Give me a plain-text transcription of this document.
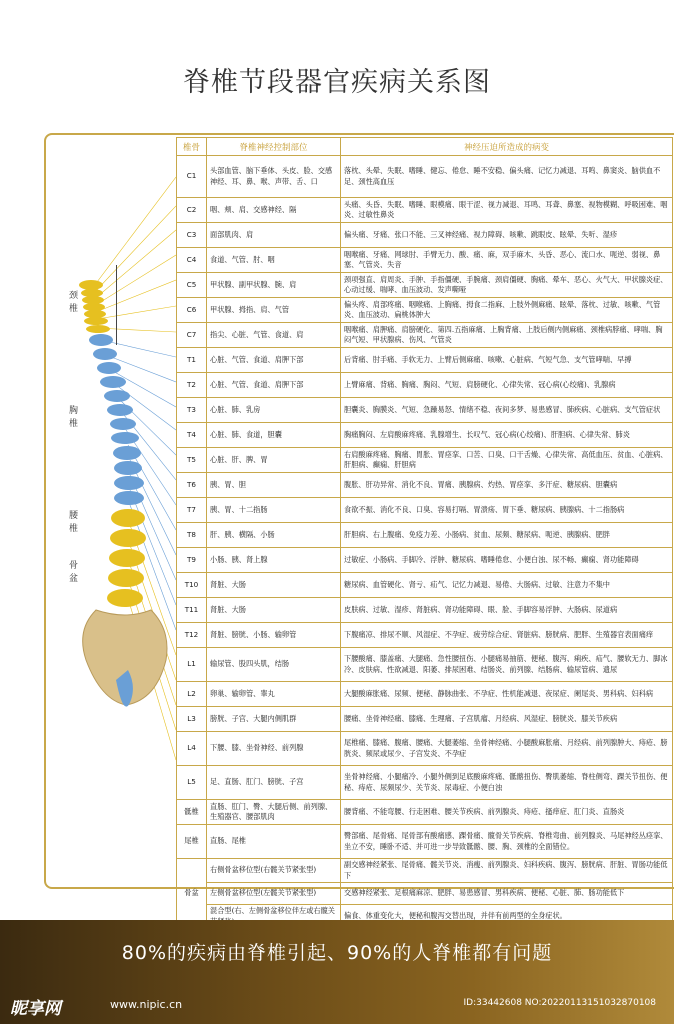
脊椎节段器官疾病关系图
颈椎
胸椎
腰椎
骨盆
椎骨	脊椎神经控制部位	神经压迫所造成的病变
C1	头部血管、脑下垂体、头皮、脸、交感神经、耳、鼻、喉、声带、舌、口	落枕、头晕、失眠、嗜睡、健忘、倦怠、睡不安稳、偏头痛、记忆力减退、耳鸣、鼻窦炎、脑供血不足、颈性高血压
C2	咽、颊、肩、交感神经、隔	头痛、头昏、失眠、嗜睡、眼模痛、眼干涩、视力减退、耳鸣、耳聋、鼻塞、视物模糊、呼吸困难、咽炎、过敏性鼻炎
C3	面部肌肉、肩	偏头痛、牙痛、张口不能、三叉神经痛、视力障碍、咳嗽、跳眼皮、眩晕、失听、湿疹
C4	食道、气管、肘、咽	咽喉痛、牙痛、网球肘、手臂无力、酸、痛、麻，双手麻木、头昏、恶心、流口水、呃逆、弱视、鼻塞、气管炎、失音
C5	甲状腺、副甲状腺、腕、肩	颈项强直、肩周炎、手肿、手指僵硬、手腕痛、颈肩僵硬、胸痛、晕车、恶心、火气大、甲状腺炎症、心动过缓、喘哮、血压波动、发声嘶哑
C6	甲状腺、拇指、肩、气管	偏头疼、肩部疼痛、咽喉痛、上胸痛、拇食二指麻、上肢外侧麻痛、眩晕、落枕、过敏、咳嗽、气管炎、血压波动、扁桃体肿大
C7	指尖、心脏、气管、食道、肩	咽喉痛、肩胛痛、肩膀硬化、第四.五指麻痛、上胸背痛、上肢后侧内侧麻痛、颈椎病脖痛、哮喘、胸闷气短、甲状腺病、伤风、气管炎
T1	心脏、气管、食道、肩胛下部	后背痛、肘手痛、手软无力、上臂后侧麻痛、咳嗽、心脏病、气短气急、支气管哮喘、早搏
T2	心脏、气管、食道、肩胛下部	上臂麻痛、背痛、胸痛、胸闷、气短、肩膀硬化、心律失常、冠心病(心绞痛)、乳腺病
T3	心脏、肺、乳房	胆囊炎、胸膜炎、气短、急躁易怒、情绪不稳、夜间多梦、易患感冒、肺疾病、心脏病、支气管症状
T4	心脏、肺、食道，胆囊	胸痛胸闷、左肩酸麻疼痛、乳腺增生、长叹气、冠心病(心绞痛)、肝胆病、心律失常、肺炎
T5	心脏、肝、脾、胃	右肩酸麻疼痛、胸痛、胃胀、胃痉挛、口苦、口臭、口干舌燥、心律失常、高低血压、贫血、心脏病、肝胆病、癫痫、肝胆病
T6	胰、胃、胆	腹胀、肝功异常、消化不良、胃痛、胰腺病、灼热、胃痉挛、多汗症、糖尿病、胆囊病
T7	胰、胃、十二指肠	食欲不振、消化不良、口臭、容易打嗝、胃溃疡、胃下垂、糖尿病、胰腺病、十二指肠病
T8	肝、胰、横隔、小肠	肝胆病、右上腹痛、免疫力差、小肠病、贫血、尿频、糖尿病、呃逆、胰腺病、肥胖
T9	小肠、胰、肾上腺	过敏症、小肠病、手脚冷、浮肿、糖尿病、嗜睡倦怠、小便白浊、尿不畅、癫痫、肾功能障碍
T10	肾脏、大肠	糖尿病、血管硬化、肾亏、疝气、记忆力减退、易倦、大肠病、过敏、注意力不集中
T11	肾脏、大肠	皮肤病、过敏、湿疹、肾脏病、肾功能障碍、眼、脸、手脚容易浮肿、大肠病、尿道病
T12	肾脏、膀胱、小肠、输卵管	下腹痛凉、排尿不顺、风湿症、不孕症、疲劳综合症、肾脏病、膀胱病、肥胖、生殖器官表面痛痒
L1	输尿管、股四头肌，结肠	下腰酸痛、膝盖痛、大腿痛、急性腰扭伤、小腿痛易抽筋、便秘、腹泻、痢疾、疝气、腰软无力、脚冰冷、皮肤病、性欲减退、阳萎、排尿困难、结肠炎、前列腺、结肠病、输尿管病、遗尿
L2	卵巢、输卵管、睾丸	大腿酸麻胀痛、尿频、便秘、静脉曲张、不孕症、性机能减退、夜尿症、阑尾炎、男科病、妇科病
L3	膀胱、子宫、大腿内侧肌群	腰痛、坐骨神经痛、膝痛、生理痛、子宫肌瘤、月经病、风湿症、膀胱炎、膝关节疾病
L4	下腰、膝、坐骨神经、前列腺	尾椎痛、膝痛、腹痛、腰痛、大腿萎缩、坐骨神经痛、小腿酸麻胀痛、月经病、前列腺肿大、痔疮、膀胱炎、频尿或尿少、子宫发炎、不孕症
L5	足、直肠、肛门、膀胱、子宫	坐骨神经痛、小腿痛冷、小腿外侧到足底酸麻疼痛、骶髂扭伤、臀肌萎缩、脊柱侧弯、踝关节扭伤、便秘、痔疮、尿频尿少、关节炎、尿毒症、小便白浊
骶椎	直肠、肛门、臀、大腿后侧、前列腺、生殖器官、腰部肌肉	腰背痛、不能弯腰、行走困难、腰关节疾病、前列腺炎、痔疮、搔痒症、肛门炎、直肠炎
尾椎	直肠、尾椎	臀部痛、尾骨痛、尾骨部有酸痛感、踝骨痛、髋骨关节疾病、脊椎弯曲、前列腺炎、马尾神经丛痉挛、坐立不安，睡卧不适、并可进一步导致骶髂、腰、胸、颈椎的全面错位。
骨盆	右侧骨盆移位型(右髋关节紧张型)	副交感神经紧张、尾骨痛、髋关节炎、消瘦、前列腺炎、妇科疾病、腹泻、膀胱病、肝脏、胃肠功能低下
	左侧骨盆移位型(左髋关节紧张型)	交感神经紧张、足根痛麻凉、肥胖、易患感冒、男科疾病、便秘、心脏、肺、肠功能低下
	混合型(右、左侧骨盆移位伴左或右髋关	偏食、体重变化大，便秘和腹泻交替出现，并伴有前两型的全身症状。
80%的疾病由脊椎引起、90%的人脊椎都有问题
昵享网	www.nipic.cn	ID:33442608 NO:20220113151032870108
